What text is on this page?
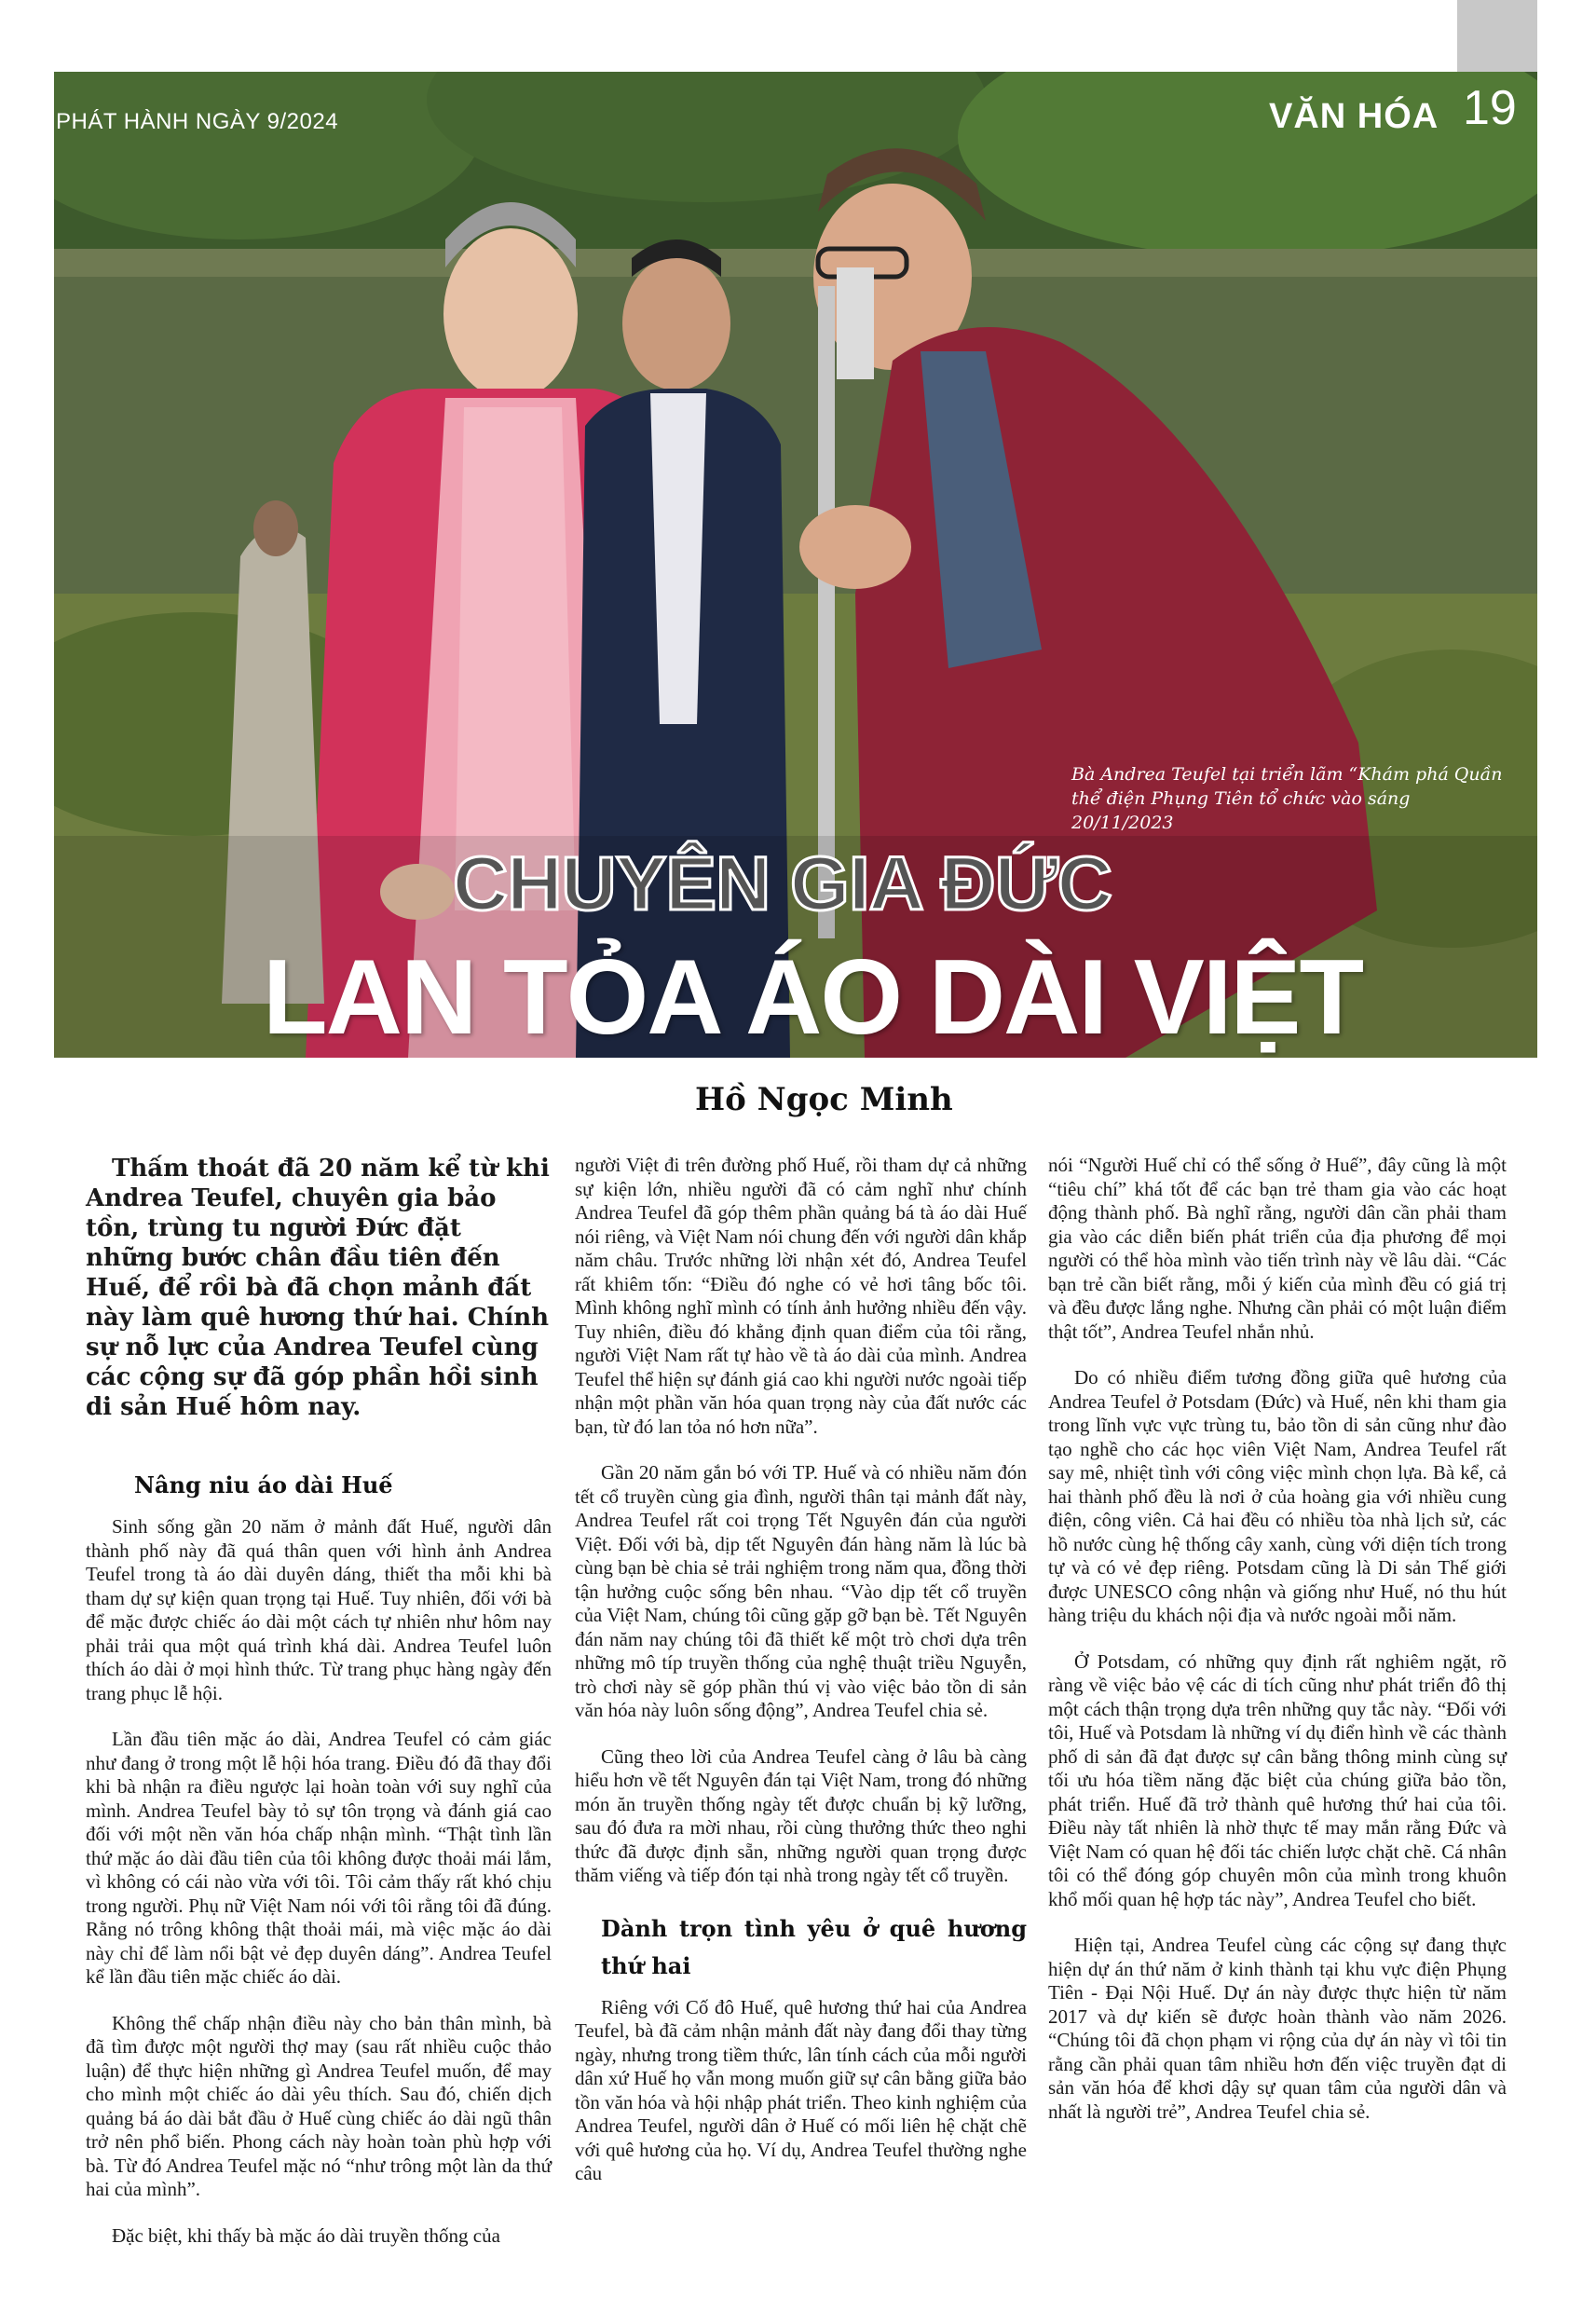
PHÁT HÀNH NGÀY 9/2024	VĂN HÓA 19
Bà Andrea Teufel tại triển lãm “Khám phá Quần thể điện Phụng Tiên tổ chức vào sáng 20/11/2023
CHUYÊN GIA ĐỨC
LAN TỎA ÁO DÀI VIỆT
Hồ Ngọc Minh

Thấm thoát đã 20 năm kể từ khi Andrea Teufel, chuyên gia bảo tồn, trùng tu người Đức đặt những bước chân đầu tiên đến Huế, để rồi bà đã chọn mảnh đất này làm quê hương thứ hai. Chính sự nỗ lực của Andrea Teufel cùng các cộng sự đã góp phần hồi sinh di sản Huế hôm nay.

Nâng niu áo dài Huế

Sinh sống gần 20 năm ở mảnh đất Huế, người dân thành phố này đã quá thân quen với hình ảnh Andrea Teufel trong tà áo dài duyên dáng, thiết tha mỗi khi bà tham dự sự kiện quan trọng tại Huế. Tuy nhiên, đối với bà để mặc được chiếc áo dài một cách tự nhiên như hôm nay phải trải qua một quá trình khá dài. Andrea Teufel luôn thích áo dài ở mọi hình thức. Từ trang phục hàng ngày đến trang phục lễ hội.

Lần đầu tiên mặc áo dài, Andrea Teufel có cảm giác như đang ở trong một lễ hội hóa trang. Điều đó đã thay đổi khi bà nhận ra điều ngược lại hoàn toàn với suy nghĩ của mình. Andrea Teufel bày tỏ sự tôn trọng và đánh giá cao đối với một nền văn hóa chấp nhận mình. “Thật tình lần thứ mặc áo dài đầu tiên của tôi không được thoải mái lắm, vì không có cái nào vừa với tôi. Tôi cảm thấy rất khó chịu trong người. Phụ nữ Việt Nam nói với tôi rằng tôi đã đúng. Rằng nó trông không thật thoải mái, mà việc mặc áo dài này chỉ để làm nổi bật vẻ đẹp duyên dáng”. Andrea Teufel kể lần đầu tiên mặc chiếc áo dài.

Không thể chấp nhận điều này cho bản thân mình, bà đã tìm được một người thợ may (sau rất nhiều cuộc thảo luận) để thực hiện những gì Andrea Teufel muốn, để may cho mình một chiếc áo dài yêu thích. Sau đó, chiến dịch quảng bá áo dài bắt đầu ở Huế cùng chiếc áo dài ngũ thân trở nên phổ biến. Phong cách này hoàn toàn phù hợp với bà. Từ đó Andrea Teufel mặc nó “như trông một làn da thứ hai của mình”.

Đặc biệt, khi thấy bà mặc áo dài truyền thống của

người Việt đi trên đường phố Huế, rồi tham dự cả những sự kiện lớn, nhiều người đã có cảm nghĩ như chính Andrea Teufel đã góp thêm phần quảng bá tà áo dài Huế nói riêng, và Việt Nam nói chung đến với người dân khắp năm châu. Trước những lời nhận xét đó, Andrea Teufel rất khiêm tốn: “Điều đó nghe có vẻ hơi tâng bốc tôi. Mình không nghĩ mình có tính ảnh hưởng nhiều đến vậy. Tuy nhiên, điều đó khẳng định quan điểm của tôi rằng, người Việt Nam rất tự hào về tà áo dài của mình. Andrea Teufel thể hiện sự đánh giá cao khi người nước ngoài tiếp nhận một phần văn hóa quan trọng này của đất nước các bạn, từ đó lan tỏa nó hơn nữa”.

Gần 20 năm gắn bó với TP. Huế và có nhiều năm đón tết cổ truyền cùng gia đình, người thân tại mảnh đất này, Andrea Teufel rất coi trọng Tết Nguyên đán của người Việt. Đối với bà, dịp tết Nguyên đán hàng năm là lúc bà cùng bạn bè chia sẻ trải nghiệm trong năm qua, đồng thời tận hưởng cuộc sống bên nhau. “Vào dịp tết cổ truyền của Việt Nam, chúng tôi cũng gặp gỡ bạn bè. Tết Nguyên đán năm nay chúng tôi đã thiết kế một trò chơi dựa trên những mô típ truyền thống của nghệ thuật triều Nguyễn, trò chơi này sẽ góp phần thú vị vào việc bảo tồn di sản văn hóa này luôn sống động”, Andrea Teufel chia sẻ.

Cũng theo lời của Andrea Teufel càng ở lâu bà càng hiểu hơn về tết Nguyên đán tại Việt Nam, trong đó những món ăn truyền thống ngày tết được chuẩn bị kỹ lưỡng, sau đó đưa ra mời nhau, rồi cùng thưởng thức theo nghi thức đã được định sẵn, những người quan trọng được thăm viếng và tiếp đón tại nhà trong ngày tết cổ truyền.

Dành trọn tình yêu ở quê hương thứ hai

Riêng với Cố đô Huế, quê hương thứ hai của Andrea Teufel, bà đã cảm nhận mảnh đất này đang đổi thay từng ngày, nhưng trong tiềm thức, lân tính cách của mỗi người dân xứ Huế họ vẫn mong muốn giữ sự cân bằng giữa bảo tồn văn hóa và hội nhập phát triển. Theo kinh nghiệm của Andrea Teufel, người dân ở Huế có mối liên hệ chặt chẽ với quê hương của họ. Ví dụ, Andrea Teufel thường nghe câu

nói “Người Huế chỉ có thể sống ở Huế”, đây cũng là một “tiêu chí” khá tốt để các bạn trẻ tham gia vào các hoạt động thành phố. Bà nghĩ rằng, người dân cần phải tham gia vào các diễn biến phát triển của địa phương để mọi người có thể hòa mình vào tiến trình này về lâu dài. “Các bạn trẻ cần biết rằng, mỗi ý kiến của mình đều có giá trị và đều được lắng nghe. Nhưng cần phải có một luận điểm thật tốt”, Andrea Teufel nhắn nhủ.

Do có nhiều điểm tương đồng giữa quê hương của Andrea Teufel ở Potsdam (Đức) và Huế, nên khi tham gia trong lĩnh vực vực trùng tu, bảo tồn di sản cũng như đào tạo nghề cho các học viên Việt Nam, Andrea Teufel rất say mê, nhiệt tình với công việc mình chọn lựa. Bà kể, cả hai thành phố đều là nơi ở của hoàng gia với nhiều cung điện, công viên. Cả hai đều có nhiều tòa nhà lịch sử, các hồ nước cùng hệ thống cây xanh, cùng với diện tích trong tự và có vẻ đẹp riêng. Potsdam cũng là Di sản Thế giới được UNESCO công nhận và giống như Huế, nó thu hút hàng triệu du khách nội địa và nước ngoài mỗi năm.

Ở Potsdam, có những quy định rất nghiêm ngặt, rõ ràng về việc bảo vệ các di tích cũng như phát triển đô thị một cách thận trọng dựa trên những quy tắc này. “Đối với tôi, Huế và Potsdam là những ví dụ điển hình về các thành phố di sản đã đạt được sự cân bằng thông minh cùng sự tối ưu hóa tiềm năng đặc biệt của chúng giữa bảo tồn, phát triển. Huế đã trở thành quê hương thứ hai của tôi. Điều này tất nhiên là nhờ thực tế may mắn rằng Đức và Việt Nam có quan hệ đối tác chiến lược chặt chẽ. Cá nhân tôi có thể đóng góp chuyên môn của mình trong khuôn khổ mối quan hệ hợp tác này”, Andrea Teufel cho biết.

Hiện tại, Andrea Teufel cùng các cộng sự đang thực hiện dự án thứ năm ở kinh thành tại khu vực điện Phụng Tiên - Đại Nội Huế. Dự án này được thực hiện từ năm 2017 và dự kiến sẽ được hoàn thành vào năm 2026. “Chúng tôi đã chọn phạm vi rộng của dự án này vì tôi tin rằng cần phải quan tâm nhiều hơn đến việc truyền đạt di sản văn hóa để khơi dậy sự quan tâm của người dân và nhất là người trẻ”, Andrea Teufel chia sẻ.
